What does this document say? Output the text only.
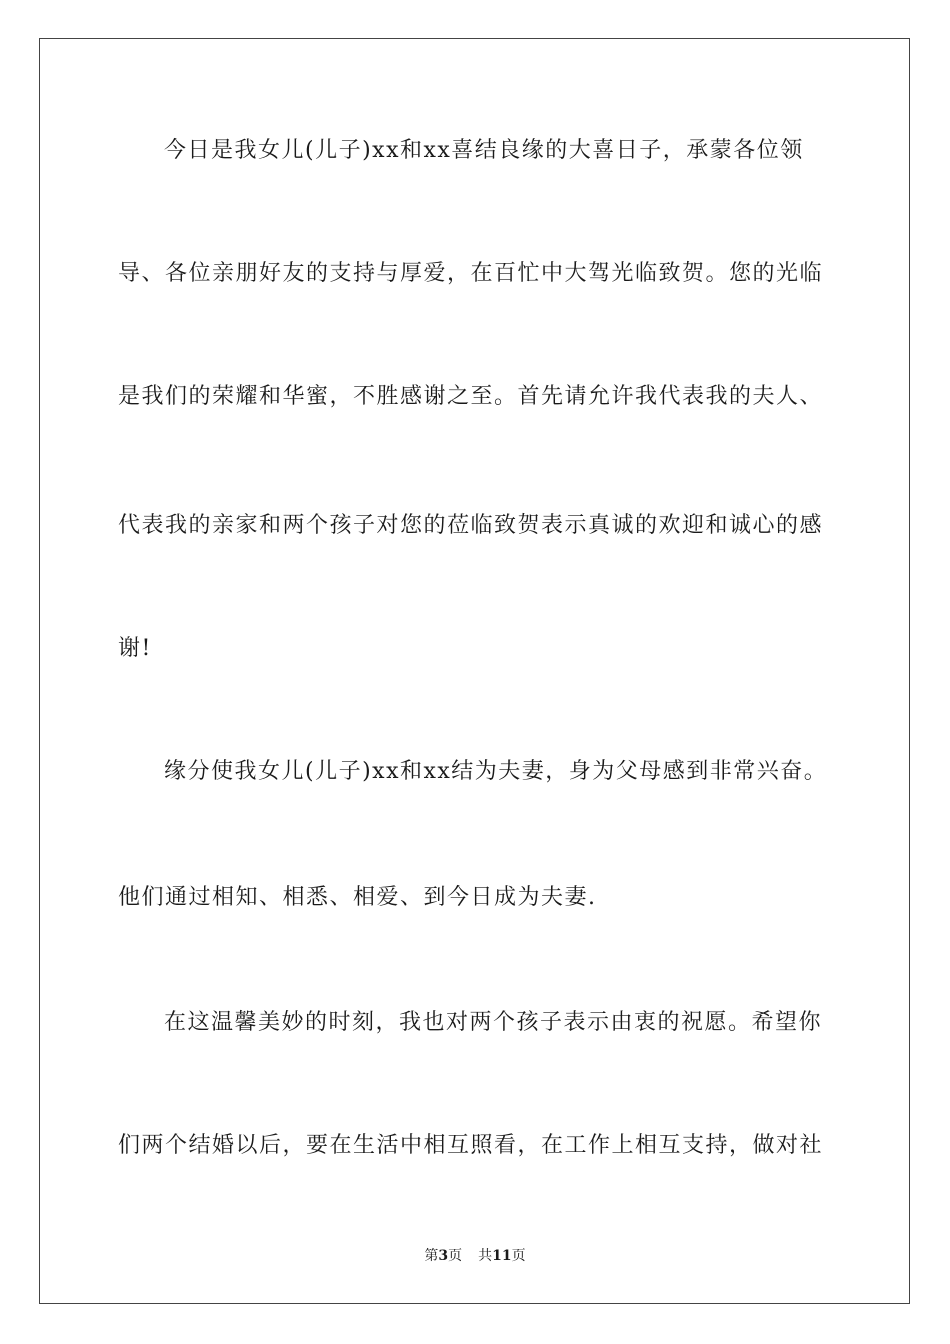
今日是我女儿(儿子)xx和xx喜结良缘的大喜日子，承蒙各位领
导、各位亲朋好友的支持与厚爱，在百忙中大驾光临致贺。您的光临
是我们的荣耀和华蜜，不胜感谢之至。首先请允许我代表我的夫人、
代表我的亲家和两个孩子对您的莅临致贺表示真诚的欢迎和诚心的感
谢!
缘分使我女儿(儿子)xx和xx结为夫妻，身为父母感到非常兴奋。
他们通过相知、相悉、相爱、到今日成为夫妻.
在这温馨美妙的时刻，我也对两个孩子表示由衷的祝愿。希望你
们两个结婚以后，要在生活中相互照看，在工作上相互支持，做对社
第3页 共11页
